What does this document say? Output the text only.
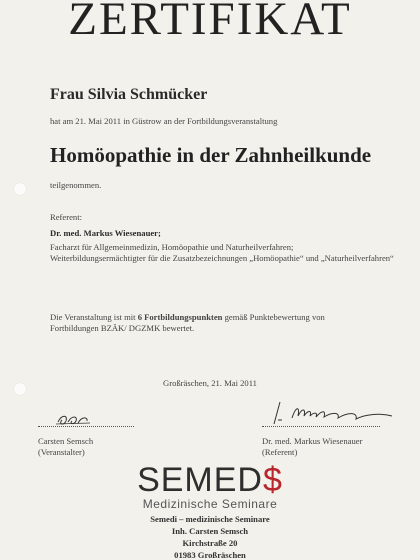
ZERTIFIKAT
Frau Silvia Schmücker
hat am 21. Mai 2011 in Güstrow an der Fortbildungsveranstaltung
Homöopathie in der Zahnheilkunde
teilgenommen.
Referent:
Dr. med. Markus Wiesenauer;
Facharzt für Allgemeinmedizin, Homöopathie und Naturheilverfahren;
Weiterbildungsermächtigter für die Zusatzbezeichnungen „Homöopathie“ und „Naturheilverfahren“
Die Veranstaltung ist mit 6 Fortbildungspunkten gemäß Punktebewertung von
Fortbildungen BZÄK/ DGZMK bewertet.
Großräschen, 21. Mai 2011
Carsten Semsch
(Veranstalter)
Dr. med. Markus Wiesenauer
(Referent)
SEMED$
Medizinische Seminare
Semedi – medizinische Seminare
Inh. Carsten Semsch
Kirchstraße 20
01983 Großräschen
